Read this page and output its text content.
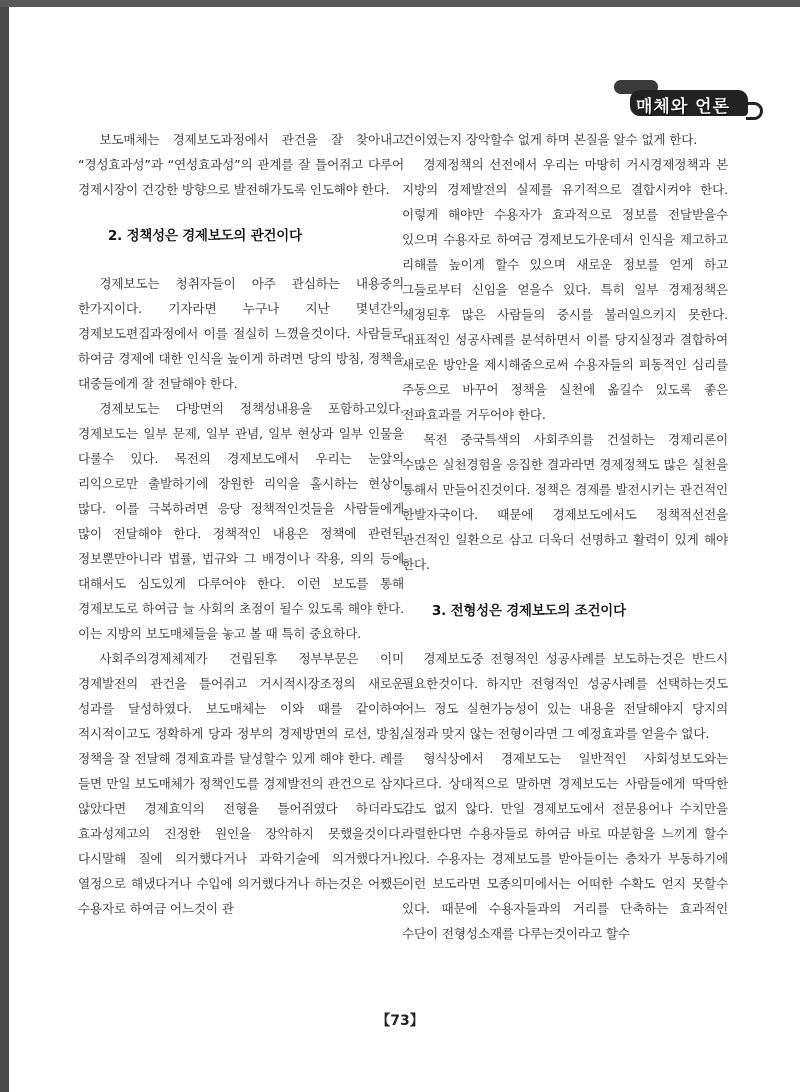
매체와 언론

보도매체는 경제보도과정에서 관건을 잘 찾아내고 “경성효과성”과 “연성효과성”의 관계를 잘 틀어쥐고 다루어 경제시장이 건강한 방향으로 발전해가도록 인도해야 한다.

2. 정책성은 경제보도의 관건이다

경제보도는 청취자들이 아주 관심하는 내용중의 한가지이다. 기자라면 누구나 지난 몇년간의 경제보도편집과정에서 이를 절실히 느꼈을것이다. 사람들로 하여금 경제에 대한 인식을 높이게 하려면 당의 방침, 정책을 대중들에게 잘 전달해야 한다.

경제보도는 다방면의 정책성내용을 포함하고있다. 경제보도는 일부 문제, 일부 관념, 일부 현상과 일부 인물을 다룰수 있다. 목전의 경제보도에서 우리는 눈앞의 리익으로만 출발하기에 장원한 리익을 홀시하는 현상이 많다. 이를 극복하려면 응당 정책적인것들을 사람들에게 많이 전달해야 한다. 정책적인 내용은 정책에 관련된 정보뿐만아니라 법률, 법규와 그 배경이나 작용, 의의 등에 대해서도 심도있게 다루어야 한다. 이런 보도를 통해 경제보도로 하여금 늘 사회의 초점이 될수 있도록 해야 한다. 이는 지방의 보도매체들을 놓고 볼 때 특히 중요하다.

사회주의경제체제가 건립된후 정부부문은 이미 경제발전의 관건을 틀어쥐고 거시적시장조정의 새로운 성과를 달성하였다. 보도매체는 이와 때를 같이하여 적시적이고도 정확하게 당과 정부의 경제방면의 로선, 방침, 정책을 잘 전달해 경제효과를 달성할수 있게 해야 한다. 례를 들면 만일 보도매체가 정책인도를 경제발전의 관건으로 삼지 않았다면 경제효익의 전형을 틀어쥐였다 하더라도 효과성제고의 진정한 원인을 장악하지 못했을것이다. 다시말해 질에 의거했다거나 과학기술에 의거했다거나 열정으로 해냈다거나 수입에 의거했다거나 하는것은 어쨌든 수용자로 하여금 어느것이 관

건이였는지 장악할수 없게 하며 본질을 알수 없게 한다.

경제정책의 선전에서 우리는 마땅히 거시경제정책과 본 지방의 경제발전의 실제를 유기적으로 결합시켜야 한다. 이렇게 해야만 수용자가 효과적으로 정보를 전달받을수 있으며 수용자로 하여금 경제보도가운데서 인식을 제고하고 리해를 높이게 할수 있으며 새로운 정보를 얻게 하고 그들로부터 신임을 얻을수 있다. 특히 일부 경제정책은 제정된후 많은 사람들의 중시를 불러일으키지 못한다. 대표적인 성공사례를 분석하면서 이를 당지실정과 결합하여 새로운 방안을 제시해줌으로써 수용자들의 피동적인 심리를 주동으로 바꾸어 정책을 실천에 옮길수 있도록 좋은 전파효과를 거두어야 한다.

목전 중국특색의 사회주의를 건설하는 경제리론이 수많은 실천경험을 응집한 결과라면 경제정책도 많은 실천을 통해서 만들어진것이다. 정책은 경제를 발전시키는 관건적인 한발자국이다. 때문에 경제보도에서도 정책적선전을 관건적인 일환으로 삼고 더욱더 선명하고 활력이 있게 해야 한다.

3. 전형성은 경제보도의 조건이다

경제보도중 전형적인 성공사례를 보도하는것은 반드시 필요한것이다. 하지만 전형적인 성공사례를 선택하는것도 어느 정도 실현가능성이 있는 내용을 전달해야지 당지의 실정과 맞지 않는 전형이라면 그 예정효과를 얻을수 없다.

형식상에서 경제보도는 일반적인 사회성보도와는 다르다. 상대적으로 말하면 경제보도는 사람들에게 딱딱한 감도 없지 않다. 만일 경제보도에서 전문용어나 수치만을 라렬한다면 수용자들로 하여금 바로 따분함을 느끼게 할수 있다. 수용자는 경제보도를 받아들이는 층차가 부동하기에 이런 보도라면 모종의미에서는 어떠한 수확도 얻지 못할수 있다. 때문에 수용자들과의 거리를 단축하는 효과적인 수단이 전형성소재를 다루는것이라고 할수

【73】
